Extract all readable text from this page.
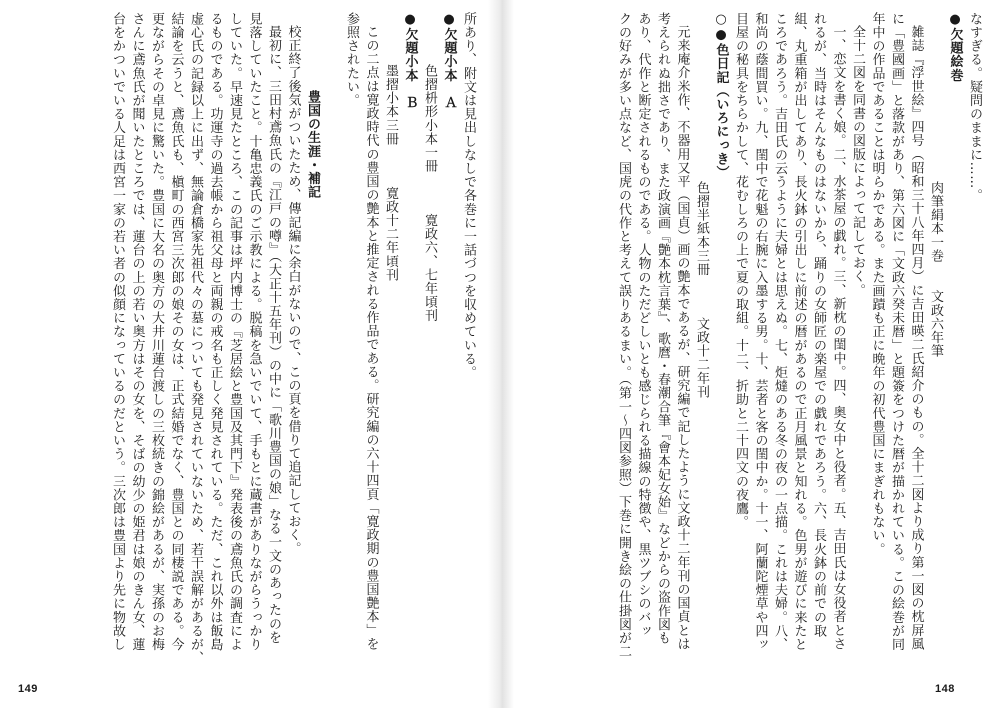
なすぎる。疑問のままに……。

●欠題絵巻

肉筆絹本一巻　　文政六年筆

雑誌『浮世絵』四号（昭和三十八年四月）に吉田暎二氏紹介のもの。全十二図より成り第一図の枕屏風

に「豊國画」と落款があり、第六図に「文政六癸未暦」と題簽をつけた暦が描かれている。この絵巻が同

年中の作品であることは明らかである。また画蹟も正に晩年の初代豊国にまぎれもない。

全十二図を同書の図版によって記しておく。

一、恋文を書く娘。二、水茶屋の戯れ。三、新枕の閨中。四、奥女中と役者。五、吉田氏は女役者とさ

れるが、当時はそんなものはないから、踊りの女師匠の楽屋での戯れであろう。六、長火鉢の前での取

組、丸重箱が出してあり、長火鉢の引出しに前述の暦があるので正月風景と知れる。色男が遊びに来たと

ころであろう。吉田氏の云うように夫婦とは思えぬ。七、炬燵のある冬の夜の一点描。これは夫婦。八、

和尚の蔭間買い。九、閨中で花魁の右腕に入墨する男。十、芸者と客の閨中か。十一、阿蘭陀煙草や四ッ

目屋の秘具をちらかして、花むしろの上で夏の取組。十二、折助と二十四文の夜鷹。

○●色日記（いろにっき）

色摺半紙本三冊　　　文政十二年刊

元来庵介米作、不器用又平（国貞）画の艶本であるが、研究編で記したように文政十二年刊の国貞とは

考えられぬ拙さであり、また政演画『艶本枕言葉』、歌麿・春潮合筆『會本妃女始』などからの盗作図も

あり、代作と断定されるものである。人物のただどしいとも感じられる描線の特徴や、黒ツブシのバッ

クの好みが多い点など、国虎の代作と考えて誤りあるまい。（第一～四図参照）下巻に開き絵の仕掛図が二

所あり、附文は見出しなしで各巻に一話づつを収めている。

●欠題小本　Ａ

色摺枡形小本一冊　　　寛政六、七年頃刊

●欠題小本　Ｂ

墨摺小本三冊　　　寛政十二年頃刊

この二点は寛政時代の豊国の艶本と推定される作品である。研究編の六十四頁「寛政期の豊国艶本」を

参照されたい。

豊国の生涯・補記

校正終了後気がついたため、傳記編に余白がないので、この頁を借りて追記しておく。

最初に、三田村鳶魚氏の『江戸の噂』（大正十五年刊）の中に「歌川豊国の娘」なる一文のあったのを

見落していたこと。十亀忠義氏のご示教による。脱稿を急いでいて、手もとに蔵書がありながらうっかり

していた。早速見たところ、この記事は坪内博士の『芝居絵と豊国及其門下』発表後の鳶魚氏の調査によ

るものである。功運寺の過去帳から祖父母と両親の戒名も正しく発見されている。ただ、これ以外は飯島

虚心氏の記録以上に出ず、無論倉橋家先祖代々の墓についても発見されていないため、若干誤解があるが、

結論を云うと、鳶魚氏も、槇町の西宮三次郎の娘その女は、正式結婚でなく、豊国との同棲説である。今

更ながらその卓見に驚いた。豊国に大名の奥方の大井川蓮台渡しの三枚続きの錦絵があるが、実孫のお梅

さんに鳶魚氏が聞いたところでは、蓮台の上の若い奥方はその女を、そばの幼少の姫君は娘のきん女、蓮

台をかついでいる人足は西宮一家の若い者の似顔になっているのだという。三次郎は豊国より先に物故し

148
149
